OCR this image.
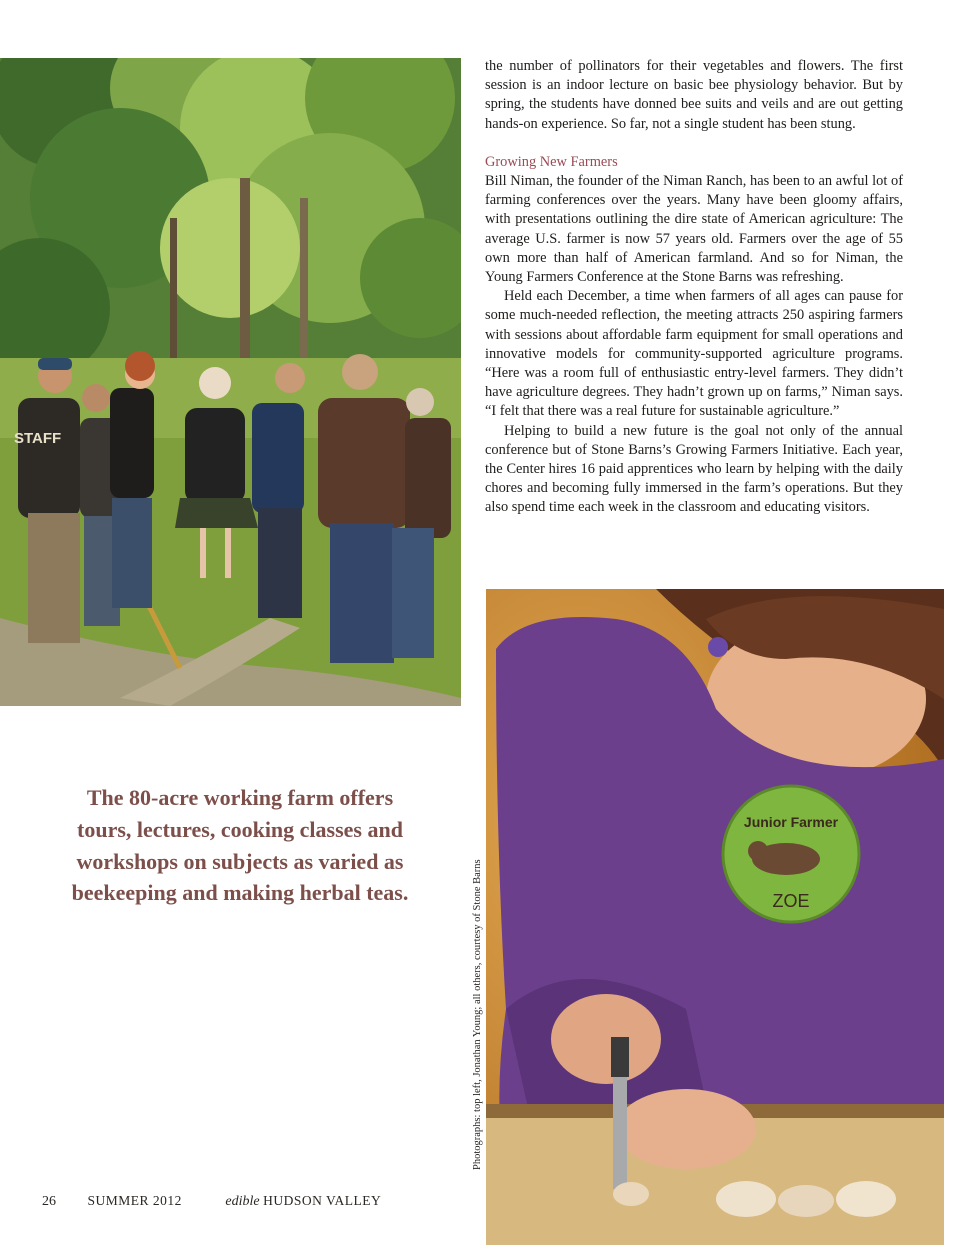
STAFF

the number of pollinators for their vegetables and flowers. The first session is an indoor lecture on basic bee physiology behavior. But by spring, the students have donned bee suits and veils and are out getting hands-on experience. So far, not a single student has been stung.

Growing New Farmers

Bill Niman, the founder of the Niman Ranch, has been to an awful lot of farming conferences over the years. Many have been gloomy affairs, with presentations outlining the dire state of American agriculture: The average U.S. farmer is now 57 years old. Farmers over the age of 55 own more than half of American farmland. And so for Niman, the Young Farmers Conference at the Stone Barns was refreshing.

Held each December, a time when farmers of all ages can pause for some much-needed reflection, the meeting attracts 250 aspiring farmers with sessions about affordable farm equipment for small operations and innovative models for community-supported agriculture programs. “Here was a room full of enthusiastic entry-level farmers. They didn’t have agriculture degrees. They hadn’t grown up on farms,” Niman says. “I felt that there was a real future for sustainable agriculture.”

Helping to build a new future is the goal not only of the annual conference but of Stone Barns’s Growing Farmers Initiative. Each year, the Center hires 16 paid apprentices who learn by helping with the daily chores and becoming fully immersed in the farm’s operations. But they also spend time each week in the classroom and educating visitors.

The 80-acre working farm offers tours, lectures, cooking classes and workshops on subjects as varied as beekeeping and making herbal teas.	Photographs: top left, Jonathan Young; all others, courtesy of Stone Barns
Junior Farmer
ZOE
26 SUMMER 2012	edible HUDSON VALLEY
